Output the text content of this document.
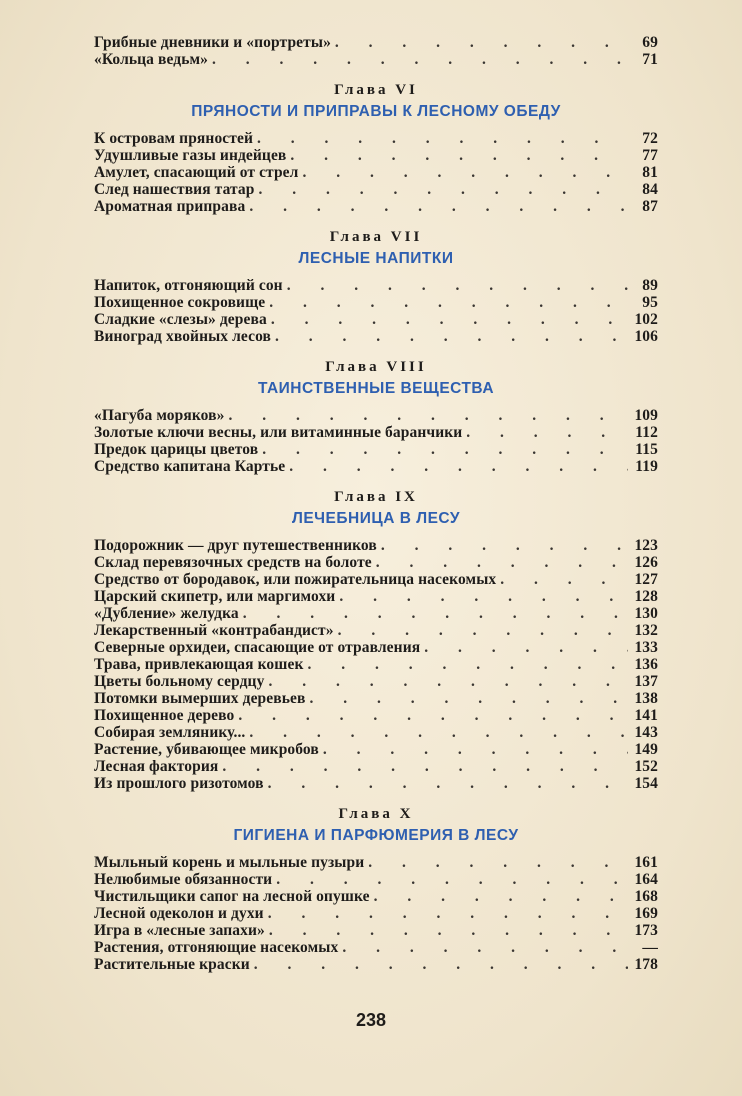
Грибные дневники и «портреты» . . .	69
«Кольца ведьм» . . .	71
Глава VI
ПРЯНОСТИ И ПРИПРАВЫ К ЛЕСНОМУ ОБЕДУ
К островам пряностей . . .	72
Удушливые газы индейцев . . .	77
Амулет, спасающий от стрел . . .	81
След нашествия татар . . .	84
Ароматная приправа . . .	87
Глава VII
ЛЕСНЫЕ НАПИТКИ
Напиток, отгоняющий сон . . .	89
Похищенное сокровище . . .	95
Сладкие «слезы» дерева . . .	102
Виноград хвойных лесов . . .	106
Глава VIII
ТАИНСТВЕННЫЕ ВЕЩЕСТВА
«Пагуба моряков» . . .	109
Золотые ключи весны, или витаминные баранчики . . .	112
Предок царицы цветов . . .	115
Средство капитана Картье . . .	119
Глава IX
ЛЕЧЕБНИЦА В ЛЕСУ
Подорожник — друг путешественников . . .	123
Склад перевязочных средств на болоте . . .	126
Средство от бородавок, или пожирательница насекомых . . .	127
Царский скипетр, или маргимохи . . .	128
«Дубление» желудка . . .	130
Лекарственный «контрабандист» . . .	132
Северные орхидеи, спасающие от отравления . . .	133
Трава, привлекающая кошек . . .	136
Цветы больному сердцу . . .	137
Потомки вымерших деревьев . . .	138
Похищенное дерево . . .	141
Собирая землянику... . . .	143
Растение, убивающее микробов . . .	149
Лесная фактория . . .	152
Из прошлого ризотомов . . .	154
Глава X
ГИГИЕНА И ПАРФЮМЕРИЯ В ЛЕСУ
Мыльный корень и мыльные пузыри . . .	161
Нелюбимые обязанности . . .	164
Чистильщики сапог на лесной опушке . . .	168
Лесной одеколон и духи . . .	169
Игра в «лесные запахи» . . .	173
Растения, отгоняющие насекомых . . .	—
Растительные краски . . .	178
238
